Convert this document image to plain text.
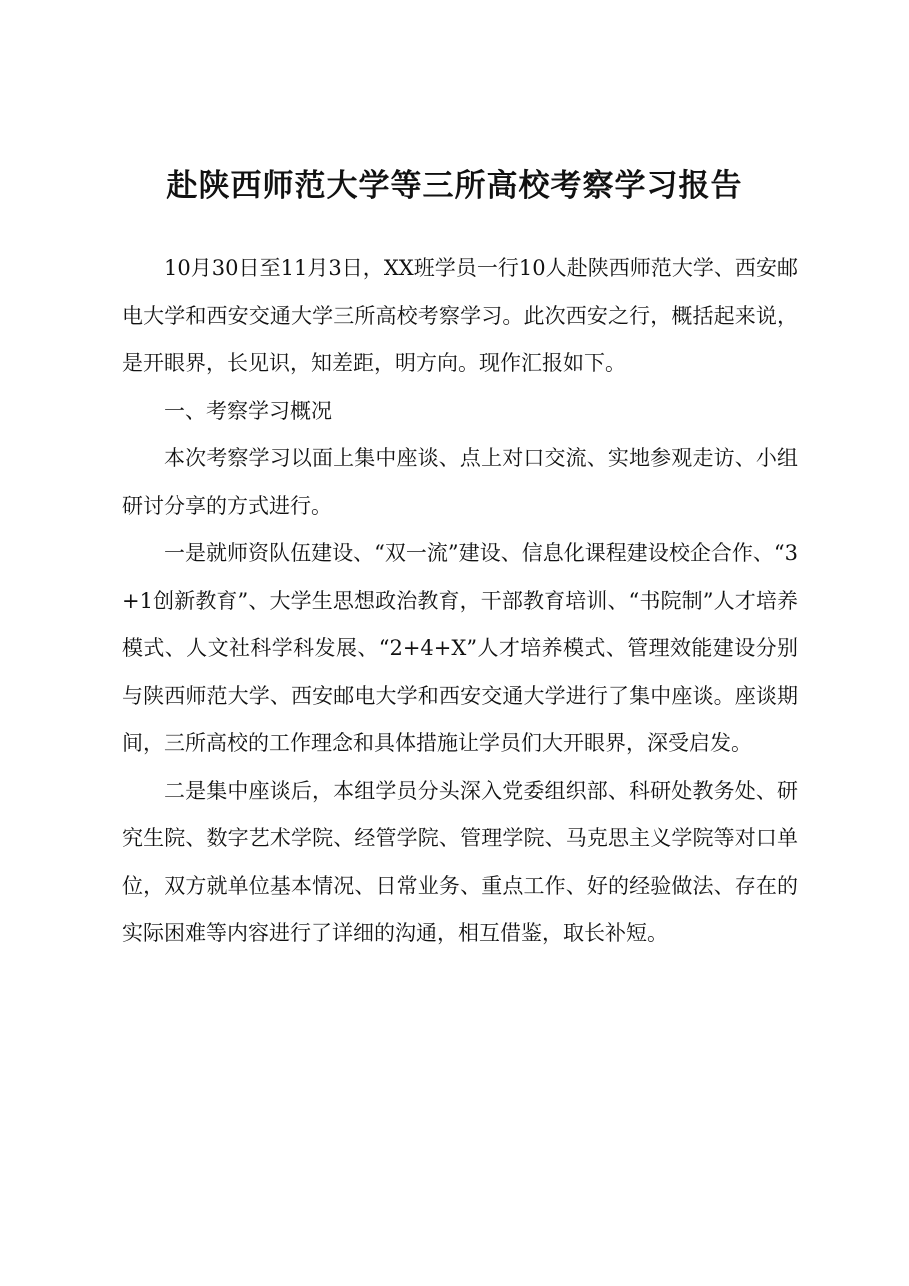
赴陕西师范大学等三所高校考察学习报告

10月30日至11月3日，XX班学员一行10人赴陕西师范大学、西安邮电大学和西安交通大学三所高校考察学习。此次西安之行，概括起来说，是开眼界，长见识，知差距，明方向。现作汇报如下。

一、考察学习概况

本次考察学习以面上集中座谈、点上对口交流、实地参观走访、小组研讨分享的方式进行。

一是就师资队伍建设、“双一流”建设、信息化课程建设校企合作、“3+1创新教育”、大学生思想政治教育，干部教育培训、“书院制”人才培养模式、人文社科学科发展、“2+4+X”人才培养模式、管理效能建设分别与陕西师范大学、西安邮电大学和西安交通大学进行了集中座谈。座谈期间，三所高校的工作理念和具体措施让学员们大开眼界，深受启发。

二是集中座谈后，本组学员分头深入党委组织部、科研处教务处、研究生院、数字艺术学院、经管学院、管理学院、马克思主义学院等对口单位，双方就单位基本情况、日常业务、重点工作、好的经验做法、存在的实际困难等内容进行了详细的沟通，相互借鉴，取长补短。
